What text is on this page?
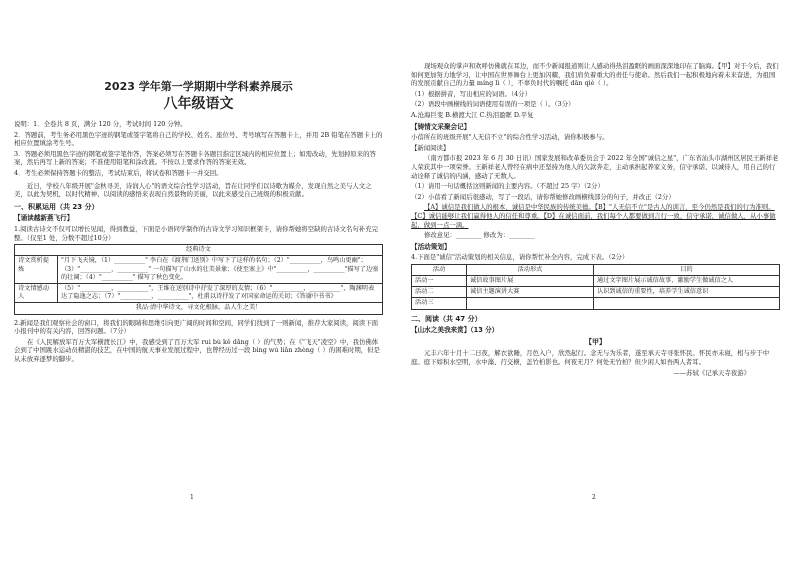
2023 学年第一学期期中学科素养展示
八年级语文

说明：1．全卷共 8 页，满分 120 分，考试时间 120 分钟。

2．答题前，考生务必用黑色字迹的钢笔或签字笔将自己的学校、姓名、座位号、考号填写在答题卡上，并用 2B 铅笔在答题卡上的相应位置填涂考生号。

3．答题必须用黑色字迹的钢笔或签字笔作答，答案必须写在答题卡各题目指定区域内的相应位置上；如需改动，先划掉原来的答案，然后再写上新的答案；不准使用铅笔和涂改液。不按以上要求作答的答案无效。

4．考生必须保持答题卡的整洁，考试结束后，将试卷和答题卡一并交回。

近日，学校八年级开展"金秋寻美，诗润人心"的语文综合性学习活动，旨在让同学们以诗歌为媒介，发现自然之美与人文之美，以此为契机，以时代精神、以阅读的感悟来表现自然景物的美丽，以此来感受自己班级的积极贡献。

一、积累运用（共 23 分）
【诵读越新燕飞行】

1.阅读古诗文不仅可以增长见闻，得到教益，下面是小语同学制作的古诗文学习知识框架卡，请你帮她将空缺的古诗文名句补充完整。（仅至1 处，分数不超过10分）

经典诗文	
诗文赏析提炼	"月下飞天镜，（1）__________" 李白在《渡荆门送别》中写下了这样的名句；（2）"__________，鸟鸣山更幽"；（3）"__________，__________" 一句描写了山水的壮美景象；《使至塞上》中"__________，__________"描写了边塞的壮阔；（4）"__________" 描写了秋色变化。
诗文情感动人	（5）"__________，__________"，王维在送别诗中抒发了深厚的友情；（6）"__________，__________"，陶渊明表达了隐逸之志；（7）"__________，__________"，杜甫以诗抒发了对国家命运的关切；《答谢中书书》
我品·清中华诗文，寻文化根脉，品人生之美！	

2.新闻是我们观察社会的窗口，将我们的眼睛和思维引向更广阔的时间和空间，同学们找到了一则新闻，推荐大家阅读，阅读下面小报刊中的有关内容，回答问题。（7分）

在《人民解放军百万大军横渡长江》中，我感受到了百万大军 rui bù kě dǎng（ ）的气势；在《"飞天"凌空》中，我仿佛体会到了中国跳水运动员精湛的技艺，在中国的航天事业发展过程中，也曾经历过一段 bìng wú liǎn zhèng（ ）的困难时期，但是从未放弃逐梦的脚步。

1

现场观众的掌声和欢呼仿佛就在耳边，而不少新闻报道则让人感动得热泪盈眶的画面深深地印在了脑海。【甲】对于今后，我们如何更加努力地学习，让中国在世界舞台上更加闪耀，我们肩负着重大的责任与使命。然后我们一起积极地向着未来奋进，为祖国的发展贡献自己的力量 míng lì（ ），不辜负时代的嘱托 dān qiè（ ）。

（1）根据拼音，写出相应的词语。（4分）

（2）语段中画横线的词语使用有误的一项是（ ）。（3分）

A.沧海巨变 B.横渡大江 C.热泪盈眶 D.平复

【铸情文采聚会记】

小蓓所在的班级开展"人无信不立"的综合性学习活动，请你积极参与。

【新闻阅读】

（南方都市报 2023 年 6 月 30 日讯）国家发展和改革委员会于 2022 年全国"诚信之星"，广东省汕头市湖州区居民王新祥老人荣获其中一项荣誉。王新祥老人曾经在病中还坚持为他人的欠款奔走，主动承担起养家义务，信守承诺、以诚待人，用自己的行动诠释了诚信的内涵，感动了无数人。

（1）请用一句话概括这则新闻的主要内容。（不超过 25 字）（2分）

（2）小蓓看了新闻后很感动，写了一段话，请你帮她修改画横线部分的句子，并改正（2分）

【A】诚信是我们做人的根本，诚信是中华民族的传统美德。【B】"人无信不立"是古人的训言，至今仍然是我们的行为准则。【C】诚信能够让我们赢得他人的信任和尊重。【D】在诚信面前，我们每个人都要做到言行一致，信守承诺，诚信做人，从小事做起，做到一点一滴。

修改意见：________ 修改为：________

【活动策划】

4.下面是"诚信"活动策划的相关信息，请你帮忙补全内容，完成下表。（2分）

活动	活动形式	目的
活动一	诚信故事图片展	通过文字图片展示诚信故事，激励学生做诚信之人
活动二	诚信主题演讲大赛	认识到诚信的重要性，培养学生诚信意识
活动三		
二、阅读（共 47 分）
【山水之美我来赏】（13 分）
【甲】

元丰六年十月十二日夜，解衣欲睡，月色入户，欣然起行。念无与为乐者，遂至承天寺寻张怀民。怀民亦未寝，相与步于中庭。庭下如积水空明，水中藻、荇交横，盖竹柏影也。何夜无月？何处无竹柏？但少闲人如吾两人者耳。

——苏轼《记承天寺夜游》

2
